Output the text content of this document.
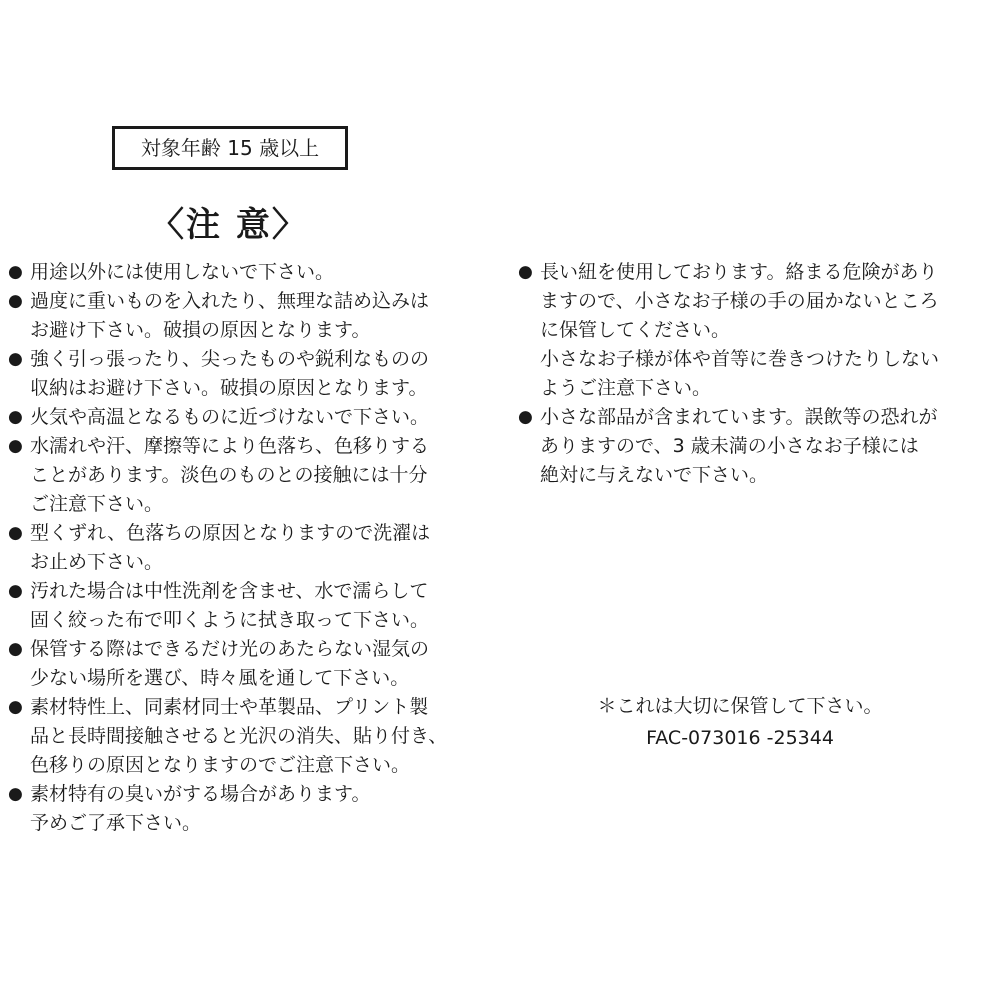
対象年齢 15 歳以上
〈注 意〉
● 用途以外には使用しないで下さい。
● 過度に重いものを入れたり、無理な詰め込みは
お避け下さい。破損の原因となります。
● 強く引っ張ったり、尖ったものや鋭利なものの
収納はお避け下さい。破損の原因となります。
● 火気や高温となるものに近づけないで下さい。
● 水濡れや汗、摩擦等により色落ち、色移りする
ことがあります。淡色のものとの接触には十分
ご注意下さい。
● 型くずれ、色落ちの原因となりますので洗濯は
お止め下さい。
● 汚れた場合は中性洗剤を含ませ、水で濡らして
固く絞った布で叩くように拭き取って下さい。
● 保管する際はできるだけ光のあたらない湿気の
少ない場所を選び、時々風を通して下さい。
● 素材特性上、同素材同士や革製品、プリント製
品と長時間接触させると光沢の消失、貼り付き、
色移りの原因となりますのでご注意下さい。
● 素材特有の臭いがする場合があります。
予めご了承下さい。
● 長い紐を使用しております。絡まる危険があり
ますので、小さなお子様の手の届かないところ
に保管してください。
小さなお子様が体や首等に巻きつけたりしない
ようご注意下さい。
● 小さな部品が含まれています。誤飲等の恐れが
ありますので、3 歳未満の小さなお子様には
絶対に与えないで下さい。
＊これは大切に保管して下さい。
FAC-073016 -25344
